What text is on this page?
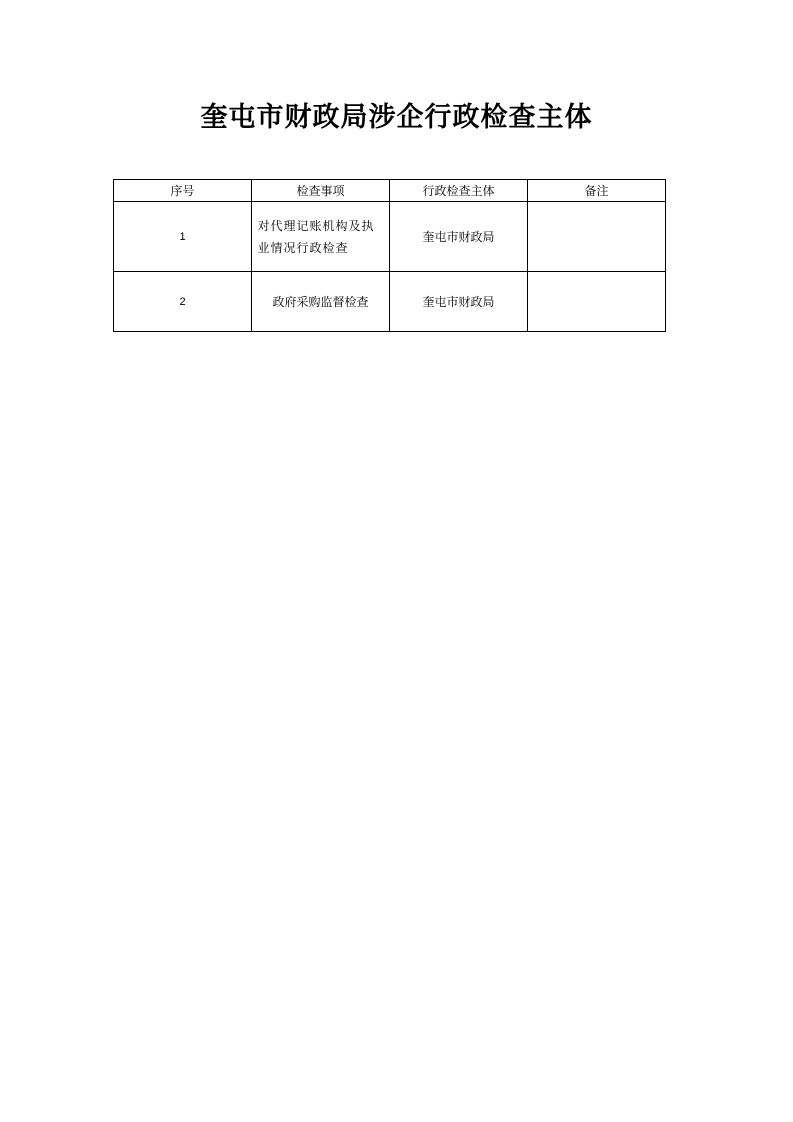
奎屯市财政局涉企行政检查主体
序号	检查事项	行政检查主体	备注
1	对代理记账机构及执业情况行政检查	奎屯市财政局	
2	政府采购监督检查	奎屯市财政局	
